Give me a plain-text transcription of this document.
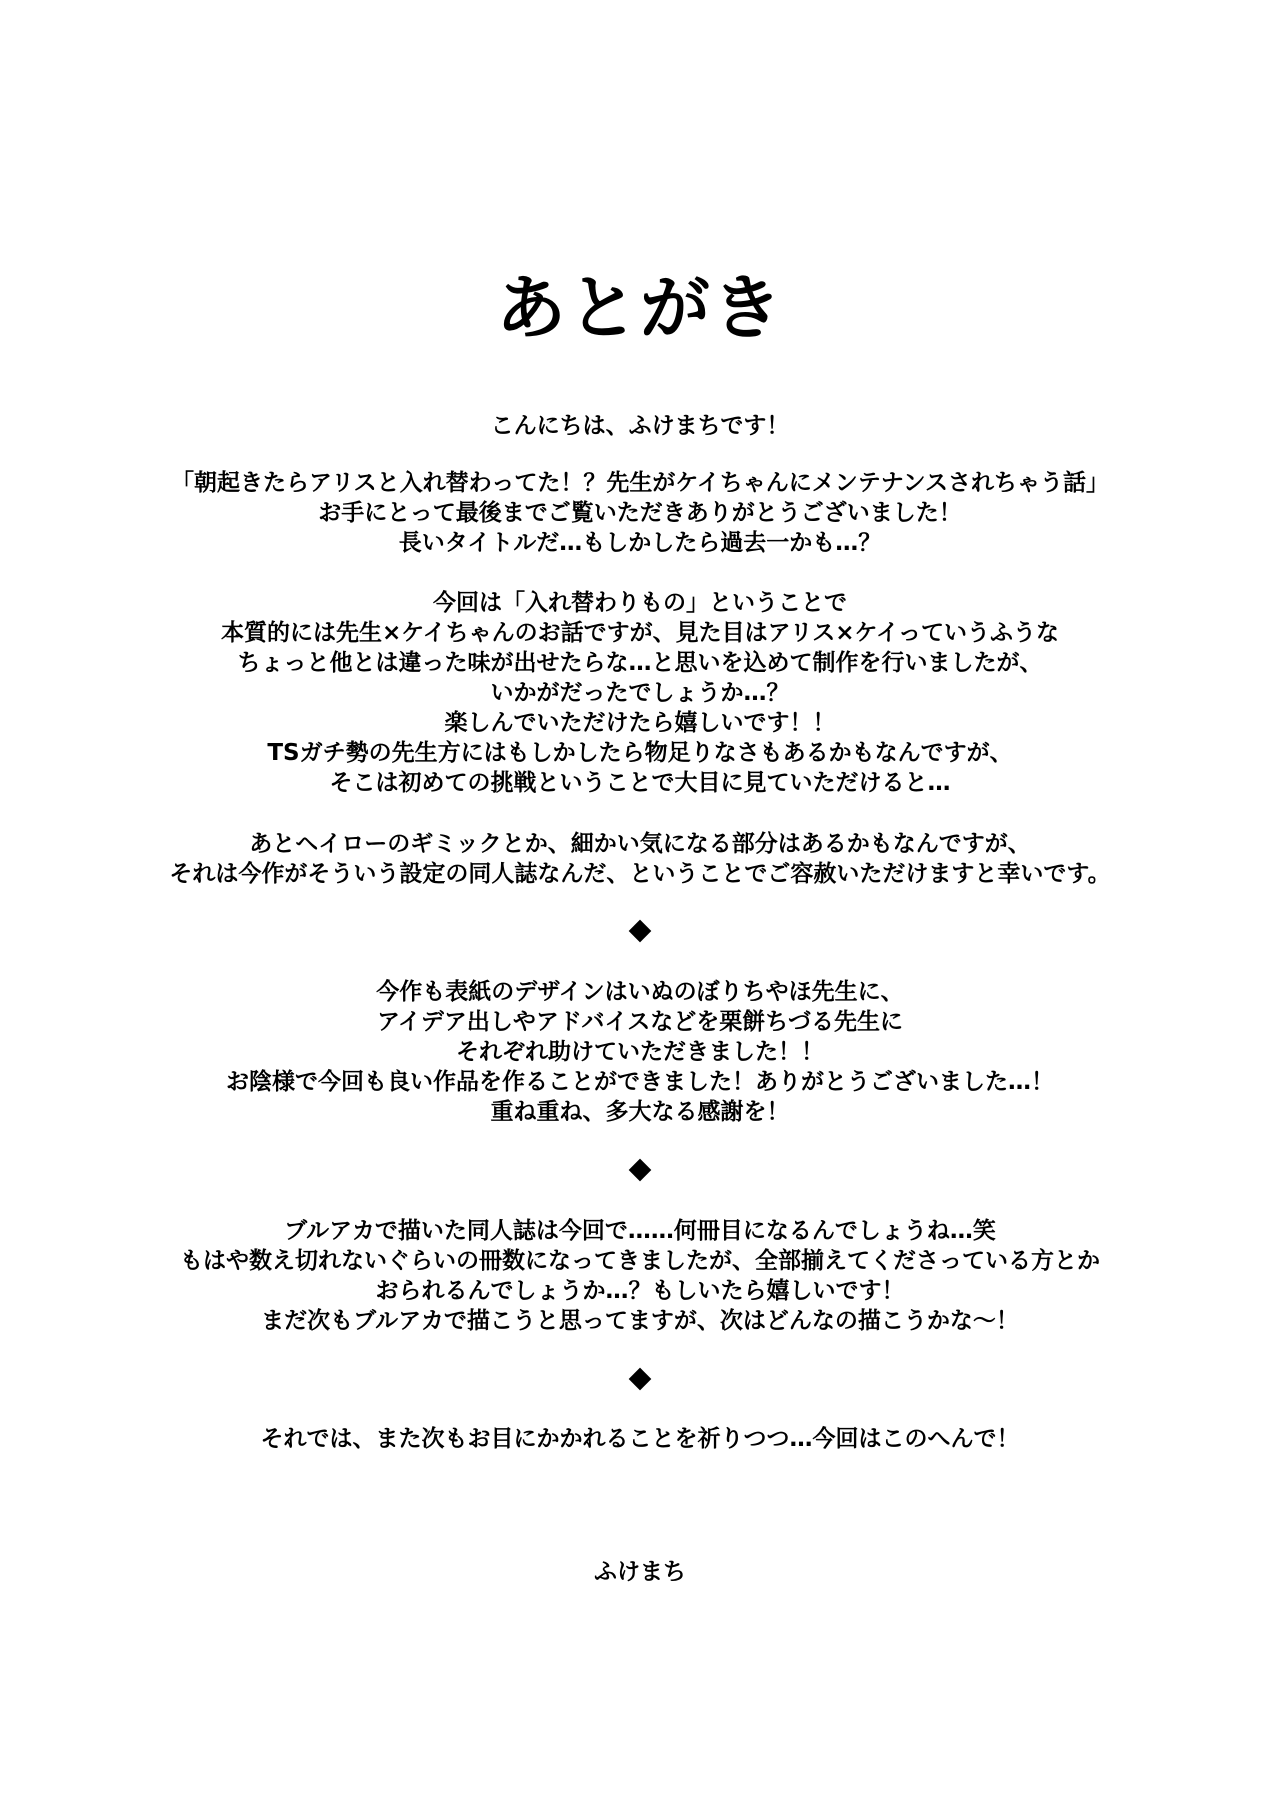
あとがき
こんにちは、ふけまちです！
「朝起きたらアリスと入れ替わってた！？先生がケイちゃんにメンテナンスされちゃう話」
お手にとって最後までご覧いただきありがとうございました！
長いタイトルだ…もしかしたら過去一かも…？
今回は「入れ替わりもの」ということで
本質的には先生×ケイちゃんのお話ですが、見た目はアリス×ケイっていうふうな
ちょっと他とは違った味が出せたらな…と思いを込めて制作を行いましたが、
いかがだったでしょうか…？
楽しんでいただけたら嬉しいです！！
TSガチ勢の先生方にはもしかしたら物足りなさもあるかもなんですが、
そこは初めての挑戦ということで大目に見ていただけると…
あとヘイローのギミックとか、細かい気になる部分はあるかもなんですが、
それは今作がそういう設定の同人誌なんだ、ということでご容赦いただけますと幸いです。
今作も表紙のデザインはいぬのぼりちやほ先生に、
アイデア出しやアドバイスなどを栗餅ちづる先生に
それぞれ助けていただきました！！
お陰様で今回も良い作品を作ることができました！ありがとうございました…！
重ね重ね、多大なる感謝を！
ブルアカで描いた同人誌は今回で……何冊目になるんでしょうね…笑
もはや数え切れないぐらいの冊数になってきましたが、全部揃えてくださっている方とか
おられるんでしょうか…？もしいたら嬉しいです！
まだ次もブルアカで描こうと思ってますが、次はどんなの描こうかな～！
それでは、また次もお目にかかれることを祈りつつ…今回はこのへんで！
ふけまち
